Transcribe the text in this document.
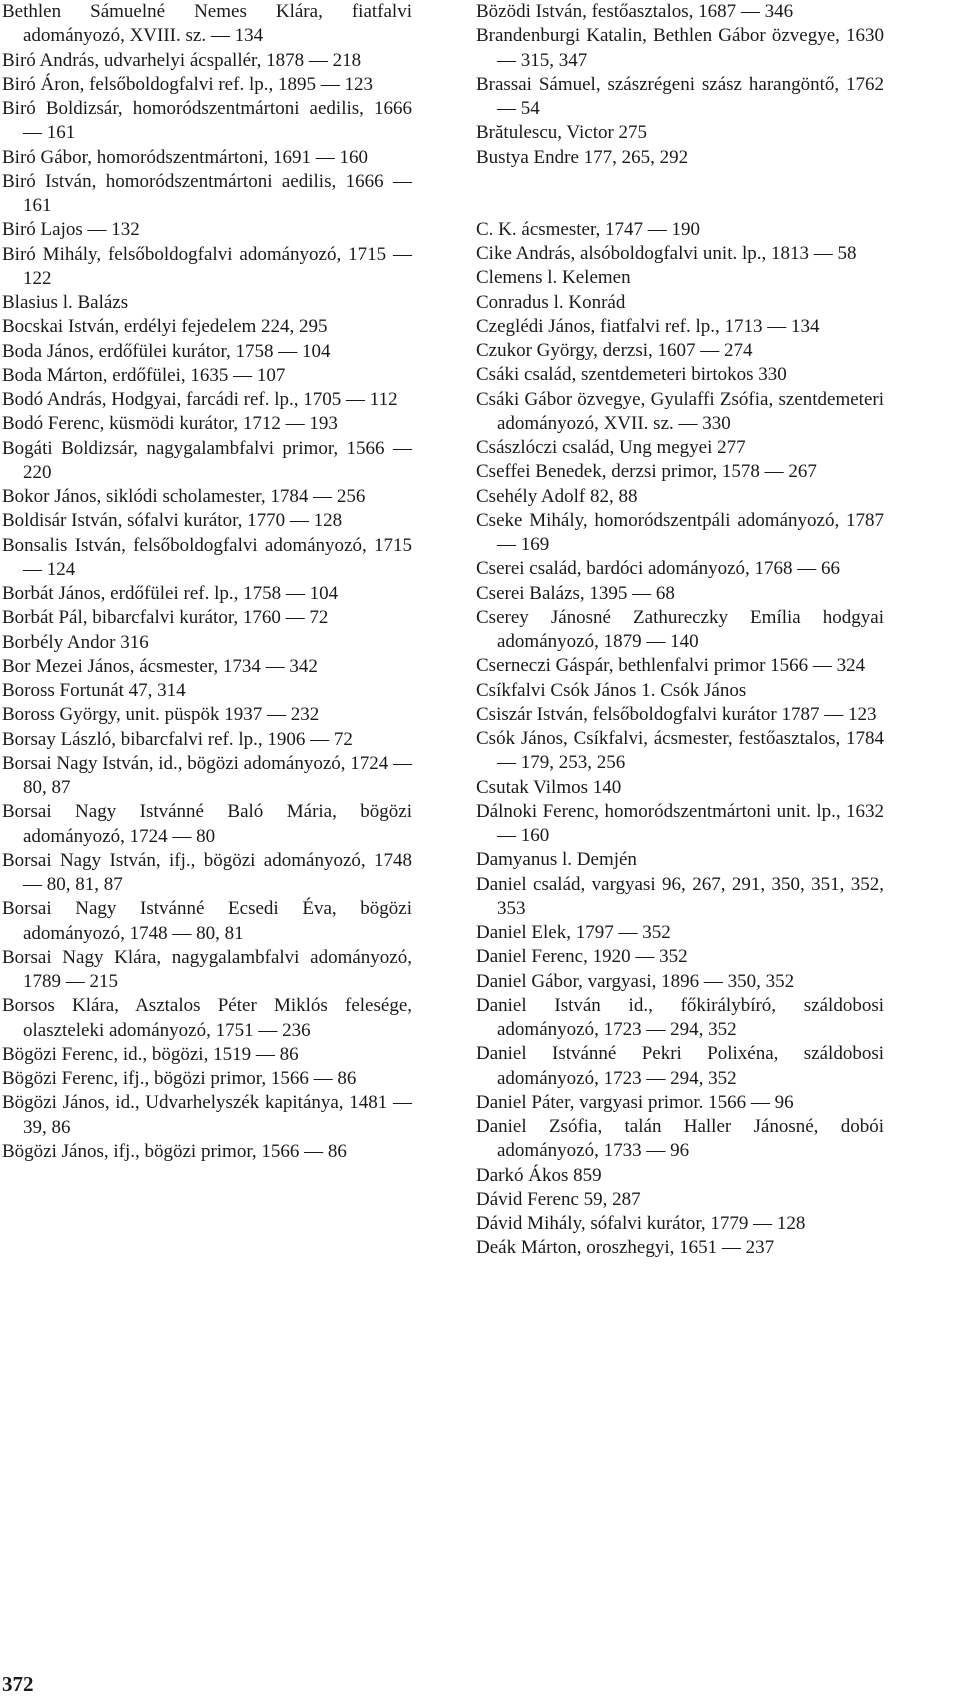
Bethlen Sámuelné Nemes Klára, fiatfalvi adományozó, XVIII. sz. — 134

Biró András, udvarhelyi ácspallér, 1878 — 218

Biró Áron, felsőboldogfalvi ref. lp., 1895 — 123

Biró Boldizsár, homoródszentmártoni aedilis, 1666 — 161

Biró Gábor, homoródszentmártoni, 1691 — 160

Biró István, homoródszentmártoni aedilis, 1666 — 161

Biró Lajos — 132

Biró Mihály, felsőboldogfalvi adományozó, 1715 — 122

Blasius l. Balázs

Bocskai István, erdélyi fejedelem 224, 295

Boda János, erdőfülei kurátor, 1758 — 104

Boda Márton, erdőfülei, 1635 — 107

Bodó András, Hodgyai, farcádi ref. lp., 1705 — 112

Bodó Ferenc, küsmödi kurátor, 1712 — 193

Bogáti Boldizsár, nagygalambfalvi primor, 1566 — 220

Bokor János, siklódi scholamester, 1784 — 256

Boldisár István, sófalvi kurátor, 1770 — 128

Bonsalis István, felsőboldogfalvi adományozó, 1715 — 124

Borbát János, erdőfülei ref. lp., 1758 — 104

Borbát Pál, bibarcfalvi kurátor, 1760 — 72

Borbély Andor 316

Bor Mezei János, ácsmester, 1734 — 342

Boross Fortunát 47, 314

Boross György, unit. püspök 1937 — 232

Borsay László, bibarcfalvi ref. lp., 1906 — 72

Borsai Nagy István, id., bögözi adományozó, 1724 — 80, 87

Borsai Nagy Istvánné Baló Mária, bögözi adományozó, 1724 — 80

Borsai Nagy István, ifj., bögözi adományozó, 1748 — 80, 81, 87

Borsai Nagy Istvánné Ecsedi Éva, bögözi adományozó, 1748 — 80, 81

Borsai Nagy Klára, nagygalambfalvi adományozó, 1789 — 215

Borsos Klára, Asztalos Péter Miklós felesége, olaszteleki adományozó, 1751 — 236

Bögözi Ferenc, id., bögözi, 1519 — 86

Bögözi Ferenc, ifj., bögözi primor, 1566 — 86

Bögözi János, id., Udvarhelyszék kapitánya, 1481 — 39, 86

Bögözi János, ifj., bögözi primor, 1566 — 86

Bözödi István, festőasztalos, 1687 — 346

Brandenburgi Katalin, Bethlen Gábor özvegye, 1630 — 315, 347

Brassai Sámuel, szászrégeni szász harangöntő, 1762 — 54

Brătulescu, Victor 275

Bustya Endre 177, 265, 292

C. K. ácsmester, 1747 — 190

Cike András, alsóboldogfalvi unit. lp., 1813 — 58

Clemens l. Kelemen

Conradus l. Konrád

Czeglédi János, fiatfalvi ref. lp., 1713 — 134

Czukor György, derzsi, 1607 — 274

Csáki család, szentdemeteri birtokos 330

Csáki Gábor özvegye, Gyulaffi Zsófia, szentdemeteri adományozó, XVII. sz. — 330

Császlóczi család, Ung megyei 277

Cseffei Benedek, derzsi primor, 1578 — 267

Csehély Adolf 82, 88

Cseke Mihály, homoródszentpáli adományozó, 1787 — 169

Cserei család, bardóci adományozó, 1768 — 66

Cserei Balázs, 1395 — 68

Cserey Jánosné Zathureczky Emília hodgyai adományozó, 1879 — 140

Cserneczi Gáspár, bethlenfalvi primor 1566 — 324

Csíkfalvi Csók János 1. Csók János

Csiszár István, felsőboldogfalvi kurátor 1787 — 123

Csók János, Csíkfalvi, ácsmester, festőasztalos, 1784 — 179, 253, 256

Csutak Vilmos 140

Dálnoki Ferenc, homoródszentmártoni unit. lp., 1632 — 160

Damyanus l. Demjén

Daniel család, vargyasi 96, 267, 291, 350, 351, 352, 353

Daniel Elek, 1797 — 352

Daniel Ferenc, 1920 — 352

Daniel Gábor, vargyasi, 1896 — 350, 352

Daniel István id., főkirálybíró, száldobosi adományozó, 1723 — 294, 352

Daniel Istvánné Pekri Polixéna, száldobosi adományozó, 1723 — 294, 352

Daniel Páter, vargyasi primor. 1566 — 96

Daniel Zsófia, talán Haller Jánosné, dobói adományozó, 1733 — 96

Darkó Ákos 859

Dávid Ferenc 59, 287

Dávid Mihály, sófalvi kurátor, 1779 — 128

Deák Márton, oroszhegyi, 1651 — 237

372
